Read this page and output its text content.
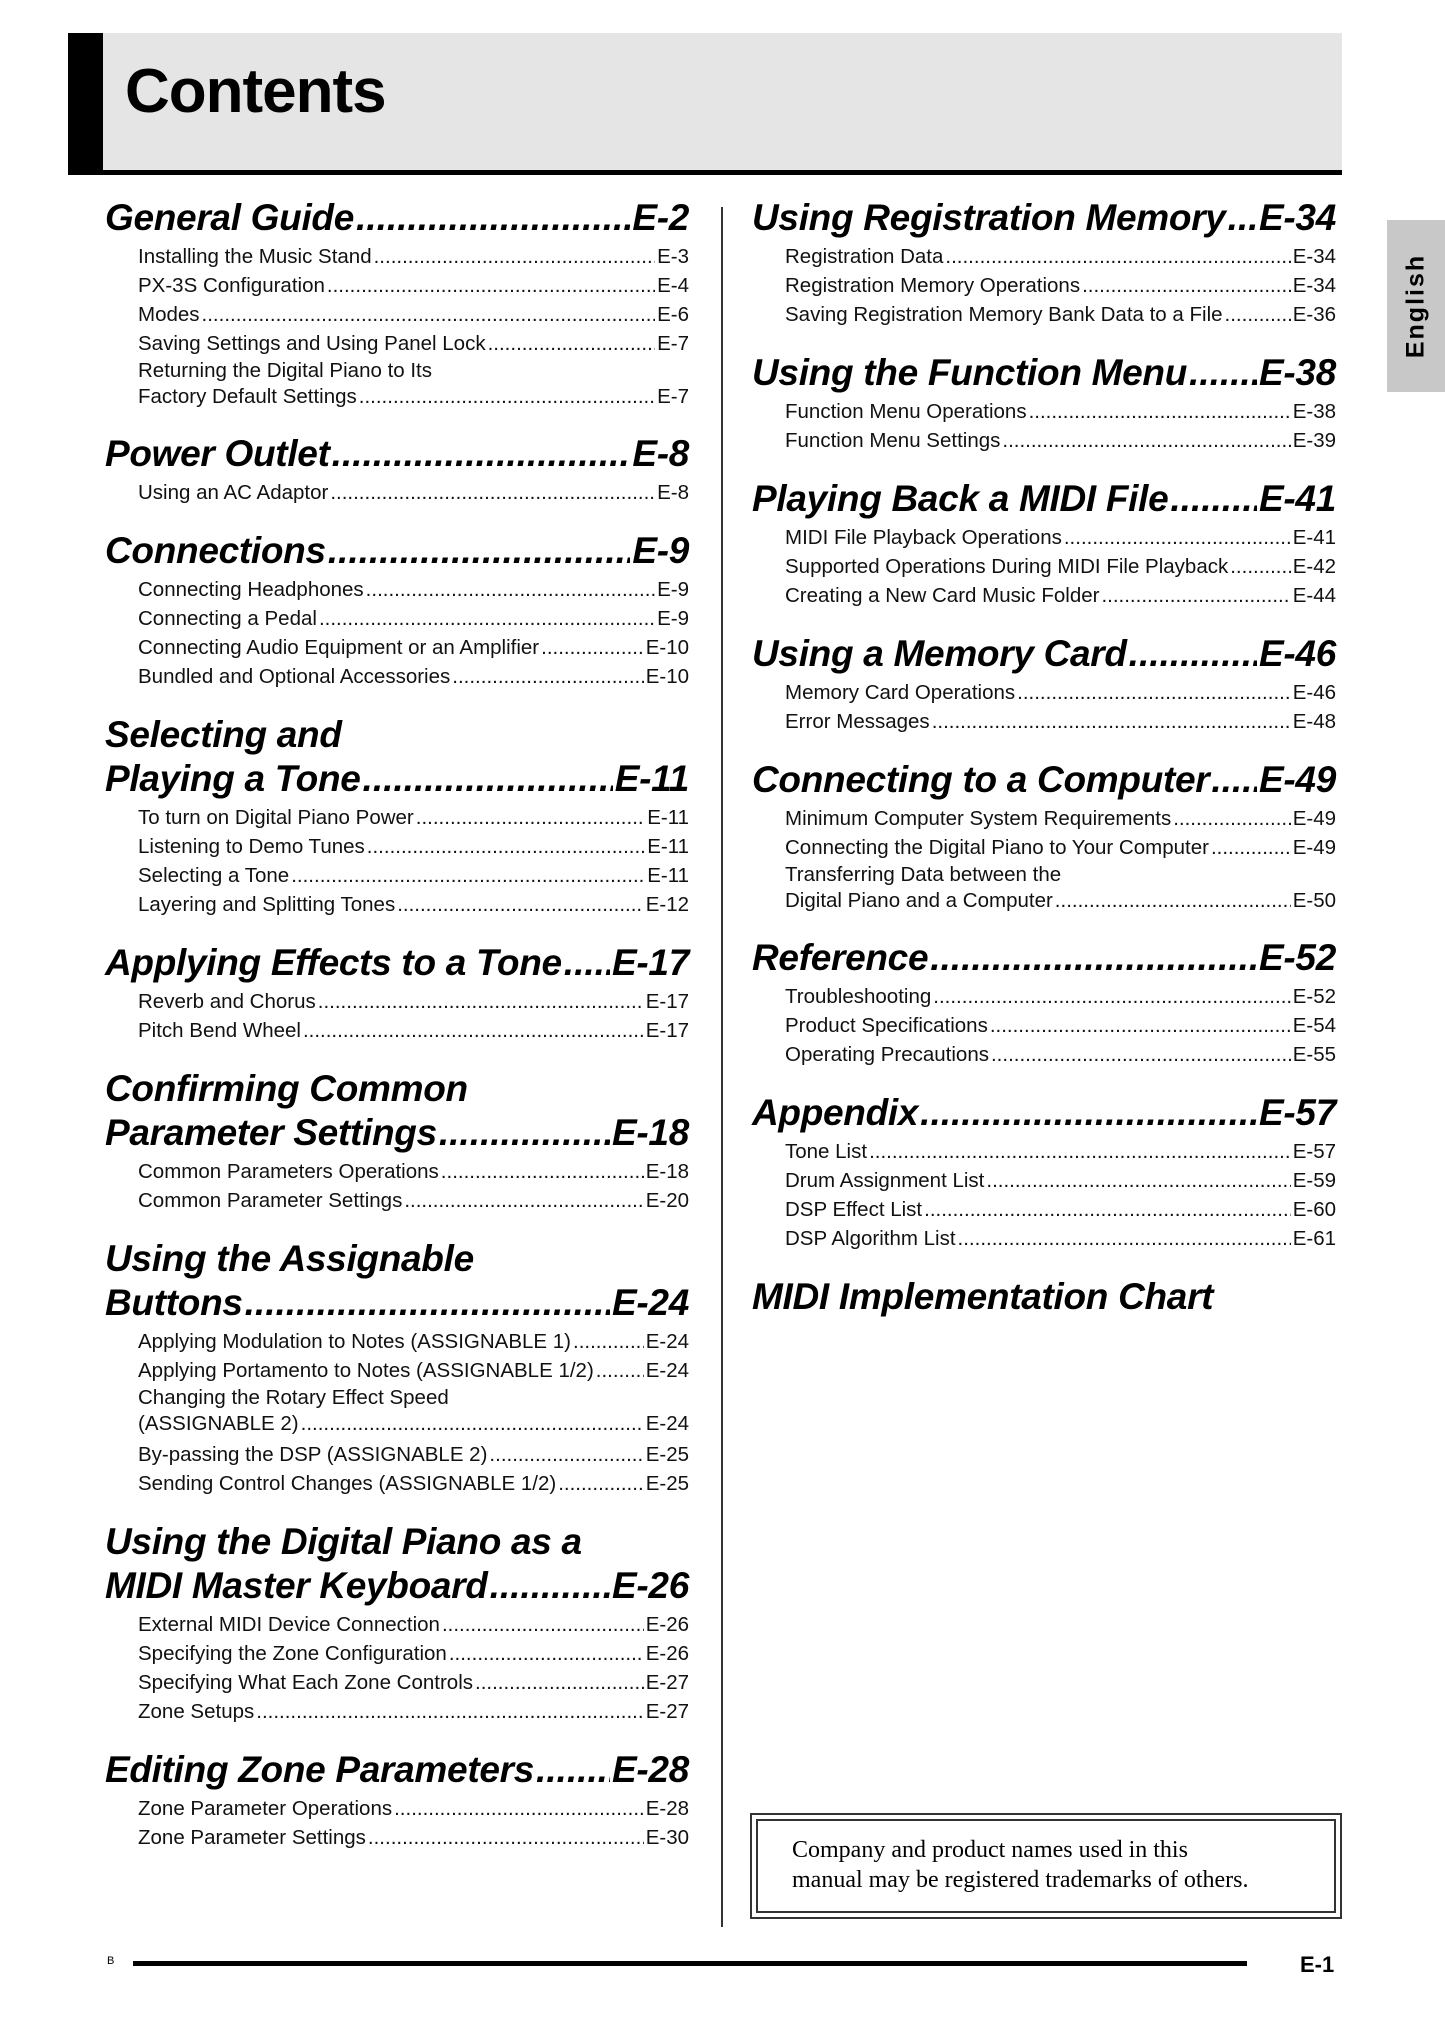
Contents
English
General Guide .....	E-2
Installing the Music Stand .....	E-3
PX-3S Configuration .....	E-4
Modes .....	E-6
Saving Settings and Using Panel Lock .....	E-7
Returning the Digital Piano to Its
Factory Default Settings .....	E-7
Power Outlet .....	E-8
Using an AC Adaptor .....	E-8
Connections .....	E-9
Connecting Headphones .....	E-9
Connecting a Pedal .....	E-9
Connecting Audio Equipment or an Amplifier .....	E-10
Bundled and Optional Accessories .....	E-10
Selecting and
Playing a Tone .....	E-11
To turn on Digital Piano Power .....	E-11
Listening to Demo Tunes .....	E-11
Selecting a Tone .....	E-11
Layering and Splitting Tones .....	E-12
Applying Effects to a Tone ..... E-17
Reverb and Chorus .....	E-17
Pitch Bend Wheel .....	E-17
Confirming Common
Parameter Settings .....	E-18
Common Parameters Operations .....	E-18
Common Parameter Settings .....	E-20
Using the Assignable
Buttons .....	E-24
Applying Modulation to Notes (ASSIGNABLE 1) .....	E-24
Applying Portamento to Notes (ASSIGNABLE 1/2) .....	E-24
Changing the Rotary Effect Speed
(ASSIGNABLE 2) .....	E-24
By-passing the DSP (ASSIGNABLE 2) .....	E-25
Sending Control Changes (ASSIGNABLE 1/2) .....	E-25
Using the Digital Piano as a
MIDI Master Keyboard .....	E-26
External MIDI Device Connection .....	E-26
Specifying the Zone Configuration .....	E-26
Specifying What Each Zone Controls .....	E-27
Zone Setups .....	E-27
Editing Zone Parameters ..... E-28
Zone Parameter Operations .....	E-28
Zone Parameter Settings .....	E-30
Using Registration Memory ..... E-34
Registration Data .....	E-34
Registration Memory Operations .....	E-34
Saving Registration Memory Bank Data to a File .....	E-36
Using the Function Menu ..... E-38
Function Menu Operations .....	E-38
Function Menu Settings .....	E-39
Playing Back a MIDI File ..... E-41
MIDI File Playback Operations .....	E-41
Supported Operations During MIDI File Playback .....	E-42
Creating a New Card Music Folder .....	E-44
Using a Memory Card .....	E-46
Memory Card Operations .....	E-46
Error Messages .....	E-48
Connecting to a Computer ..... E-49
Minimum Computer System Requirements .....	E-49
Connecting the Digital Piano to Your Computer .....	E-49
Transferring Data between the
Digital Piano and a Computer .....	E-50
Reference .....	E-52
Troubleshooting .....	E-52
Product Specifications .....	E-54
Operating Precautions .....	E-55
Appendix .....	E-57
Tone List .....	E-57
Drum Assignment List .....	E-59
DSP Effect List .....	E-60
DSP Algorithm List .....	E-61
MIDI Implementation Chart
Company and product names used in this
manual may be registered trademarks of others.
B	E-1
